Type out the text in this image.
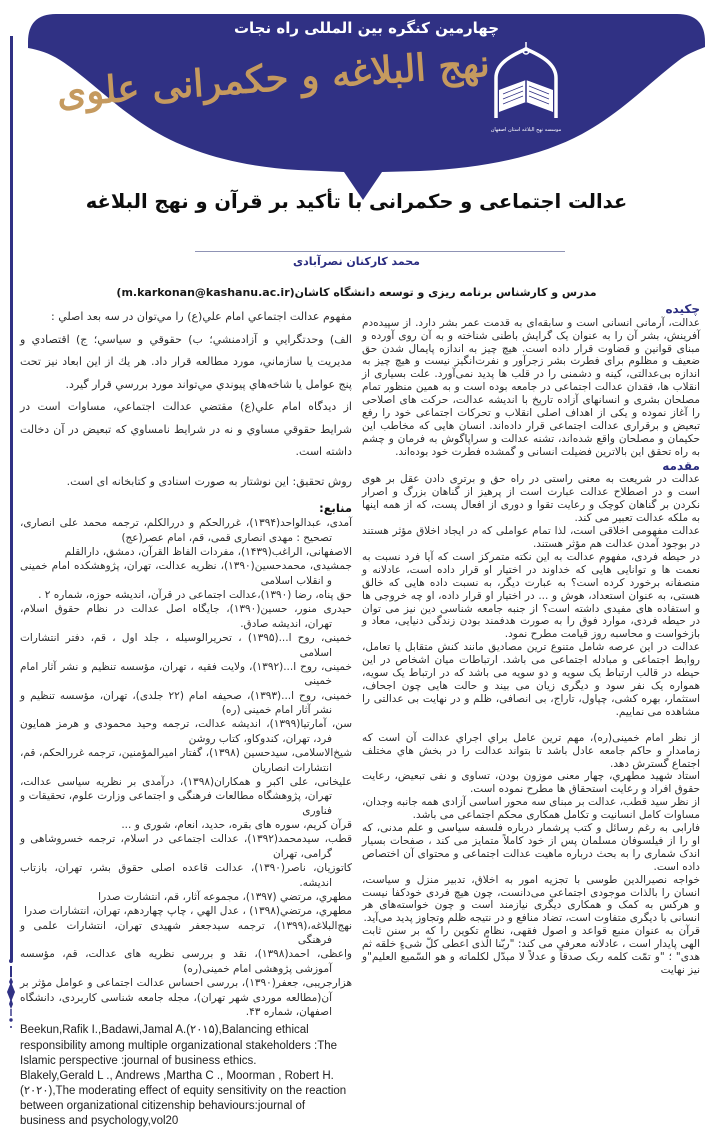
چهارمین کنگره بین المللی راه نجات
نهج البلاغه و حکمرانی علوی
موسسه نهج البلاغه استان اصفهان
عدالت اجتماعی و حکمرانی با تأکید بر قرآن و نهج البلاغه
محمد کارکنان نصرآبادی
مدرس و کارشناس برنامه ریزی و توسعه دانشگاه کاشان(m.karkonan@kashanu.ac.ir)
چکیده

عدالت، آرمانی انسانی است و سابقه‌ای به قدمت عمر بشر دارد. از سپیده‌دم آفرینش، بشر آن را به عنوان یک گرایش باطنی شناخته و به آن روی آورده و مبنای قوانین و قضاوت قرار داده است. هیچ چیز به اندازه پایمال شدن حق ضعیف و مظلوم برای فطرت بشر زجرآور و نفرت‌انگیز نیست و هیچ چیز به اندازه بی‌عدالتی، کینه و دشمنی را در قلب ها پدید نمی‌آورد. علت بسیاری از انقلاب ها، فقدان عدالت اجتماعی در جامعه بوده است و به همین منظور تمام مصلحان بشری و انسانهای آزاده تاریخ با اندیشه عدالت، حرکت های اصلاحی را آغاز نموده و یکی از اهداف اصلی انقلاب و تحرکات اجتماعی خود را رفع تبعیض و برقراری عدالت اجتماعی قرار داده‌اند. انسان هایی که مخاطب این حکیمان و مصلحان واقع شده‌اند، تشنه عدالت و سراپاگوش به فرمان و چشم به راه تحقق این بالاترین فضیلت انسانی و گمشده فطرت خود بوده‌اند.

مقدمه

عدالت در شریعت به معنی راستی در راه حق و برتری دادن عقل بر هوی است و در اصطلاح عدالت عبارت است از پرهیز از گناهان بزرگ و اصرار نکردن بر گناهان کوچک و رعایت تقوا و دوری از افعال پست، که از همه اینها به ملکه عدالت تعبیر می کند.

عدالت مفهومی اخلاقی است، لذا تمام عواملی که در ایجاد اخلاق مؤثر هستند در بوجود آمدن عدالت هم مؤثر هستند.

در حیطه فردی، مفهوم عدالت به این نکته متمرکز است که آیا فرد نسبت به نعمت ها و توانایی هایی که خداوند در اختیار او قرار داده است، عادلانه و منصفانه برخورد کرده است؟ به عبارت دیگر، به نسبت داده هایی که خالق هستی، به عنوان استعداد، هوش و ... در اختیار او قرار داده، او چه خروجی ها و استفاده های مفیدی داشته است؟ از جنبه جامعه شناسی دین نیز می توان در حیطه فردی، موارد فوق را به صورت هدفمند بودن زندگی دنیایی، معاد و بازخواست و محاسبه روز قیامت مطرح نمود.

عدالت در این عرصه شامل متنوع ترین مصادیق مانند کنش متقابل یا تعامل، روابط اجتماعی و مبادله اجتماعی می باشد. ارتباطات میان اشخاص در این حیطه در قالب ارتباط یک سویه و دو سویه می باشد که در ارتباط یک سویه، همواره یک نفر سود و دیگری زیان می بیند و حالت هایی چون اجحاف، استثمار، بهره کشی، چپاول، تاراج، بی انصافی، ظلم و در نهایت بی عدالتی را مشاهده می نماییم.

از نظر امام خمینی(ره)، مهم ترین عامل براي اجراي عدالت آن است که زمامدار و حاکم جامعه عادل باشد تا بتواند عدالت را در بخش هاي مختلف اجتماع گسترش دهد.

استاد شهید مطهري، چهار معنی موزون بودن، تساوی و نفی تبعیض، رعایت حقوق افراد و رعایت استحقاق ها مطرح نموده است.

از نظر سید قطب، عدالت بر مبنای سه محور اساسی آزادی همه جانبه وجدان، مساوات کامل انسانیت و تکامل همکاری محکم اجتماعی می باشد.

فارابی به رغم رسائل و کتب پرشمار درباره فلسفه سیاسی و علم مدنی، که او را از فیلسوفان مسلمان پس از خود کاملاً متمایز می کند ، صفحات بسیار اندک شماری را به بحث درباره ماهیت عدالت اجتماعی و محتوای آن اختصاص داده است.

خواجه نصیرالدین طوسی با تجزیه امور به اخلاق، تدبیر منزل و سیاست، انسان را بالذات موجودی اجتماعی می‌دانست، چون هیچ فردی خودکفا نیست و هرکس به کمک و همکاری دیگری نیازمند است و چون خواسته‌های هر انسانی با دیگری متفاوت است، تضاد منافع و در نتیجه ظلم وتجاوز پدید می‌آید.

قرآن به عنوان منبع قواعد و اصول فقهی، نظام تکوین را که بر سنن ثابت الهی پایدار است ، عادلانه معرفی می کند: "ربّنا الّذی اعطی کلّ شیءٍ خلقه ثم هدی" ؛ "و تمّت کلمه ربک صدقاً و عدلاً لا مبدّل لکلماته و هو السّمیع العلیم"و نیز نهایت

مفهوم عدالت اجتماعي امام علي(ع) را مي‌توان در سه بعد اصلي :

الف) وحدتگرايي و آزادمنشي؛ ب) حقوقي و سياسي؛ ج) اقتصادي و مديريت يا سازماني، مورد مطالعه قرار داد. هر يك از اين ابعاد نيز تحت پنج عوامل يا شاخه‌هاي پيوندي مي‌تواند مورد بررسي قرار گيرد.

از ديدگاه امام علي(ع) مقتضي عدالت اجتماعي، مساوات است در شرايط حقوقي مساوي و نه در شرايط نامساوي كه تبعيض در آن دخالت داشته است.

روش تحقیق: این نوشتار به صورت اسنادی و کتابخانه ای است.

منابع:

آمدی، عبدالواحد(۱۳۹۴)، غررالحکم و دررالکلم، ترجمه محمد علی انصاری، تصحیح : مهدی انصاری قمی، قم، امام عصر(عج)

الاصفهانی، الراغب(۱۴۳۹)، مفردات الفاظ القرآن، دمشق، دارالقلم

جمشیدی، محمدحسین(۱۳۹۰)، نظریه عدالت، تهران، پژوهشکده امام خمینی و انقلاب اسلامی

حق پناه، رضا (۱۳۹۰)،عدالت اجتماعی در قرآن، اندیشه حوزه، شماره ۲ .

حیدری منور، حسین(۱۳۹۰)، جایگاه اصل عدالت در نظام حقوق اسلام، تهران، اندیشه صادق.

خمینی، روح ا...(۱۳۹۵) ، تحریرالوسیله ، جلد اول ، قم، دفتر انتشارات اسلامی

خمینی، روح ا...(۱۳۹۲)، ولایت فقیه ، تهران، مؤسسه تنظیم و نشر آثار امام خمینی

خمینی، روح ا...(۱۳۹۳)، صحیفه امام (۲۲ جلدی)، تهران، مؤسسه تنظیم و نشر آثار امام خمینی (ره)

سن، آمارتیا(۱۳۹۹)، اندیشه عدالت، ترجمه وحید محمودی و هرمز همایون فرد، تهران، کندوکاو، کتاب روشن

شیخ‌الاسلامی، سیدحسین (۱۳۹۸)، گفتار امیرالمؤمنین، ترجمه غررالحکم، قم، انتشارات انصاریان

علیخانی، علی اکبر و همکاران(۱۳۹۸)، درآمدی بر نظریه سیاسی عدالت، تهران، پژوهشگاه مطالعات فرهنگی و اجتماعی وزارت علوم، تحقیقات و فناوری

قرآن کریم، سوره های بقره، حدید، انعام، شوری و ...

قطب، سیدمحمد(۱۳۹۲)، عدالت اجتماعی در اسلام، ترجمه خسروشاهی و گرامی، تهران

کاتوزیان، ناصر(۱۳۹۰)، عدالت قاعده اصلی حقوق بشر، تهران، بازتاب اندیشه.

مطهري، مرتضي (۱۳۹۷)، مجموعه آثار، قم، انتشارت صدرا

مطهري، مرتضي(۱۳۹۸) ، عدل الهي ، چاپ چهاردهم، تهران، انتشارات صدرا

نهج‌البلاغه،(۱۳۹۹)، ترجمه سیدجعفر شهیدی تهران، انتشارات علمی و فرهنگی

واعظی، احمد(۱۳۹۸)، نقد و بررسی نظریه های عدالت، قم، مؤسسه آموزشی پژوهشی امام خمینی(ره)

هزارجریبی، جعفر(۱۳۹۰)، بررسی احساس عدالت اجتماعی و عوامل مؤثر بر آن(مطالعه موردی شهر تهران)، مجله جامعه شناسی کاربردی، دانشگاه اصفهان، شماره ۴۳.

Beekun,Rafik I.,Badawi,Jamal A.(۲۰۱۵),Balancing ethical responsibility among multiple organizational stakeholders :The Islamic perspective :journal of business ethics.

Blakely,Gerald L ., Andrews ,Martha C ., Moorman , Robert H.(۲۰۲۰),The moderating effect of equity sensitivity on the reaction between organizational citizenship behaviours:journal of business and psychology,vol20
